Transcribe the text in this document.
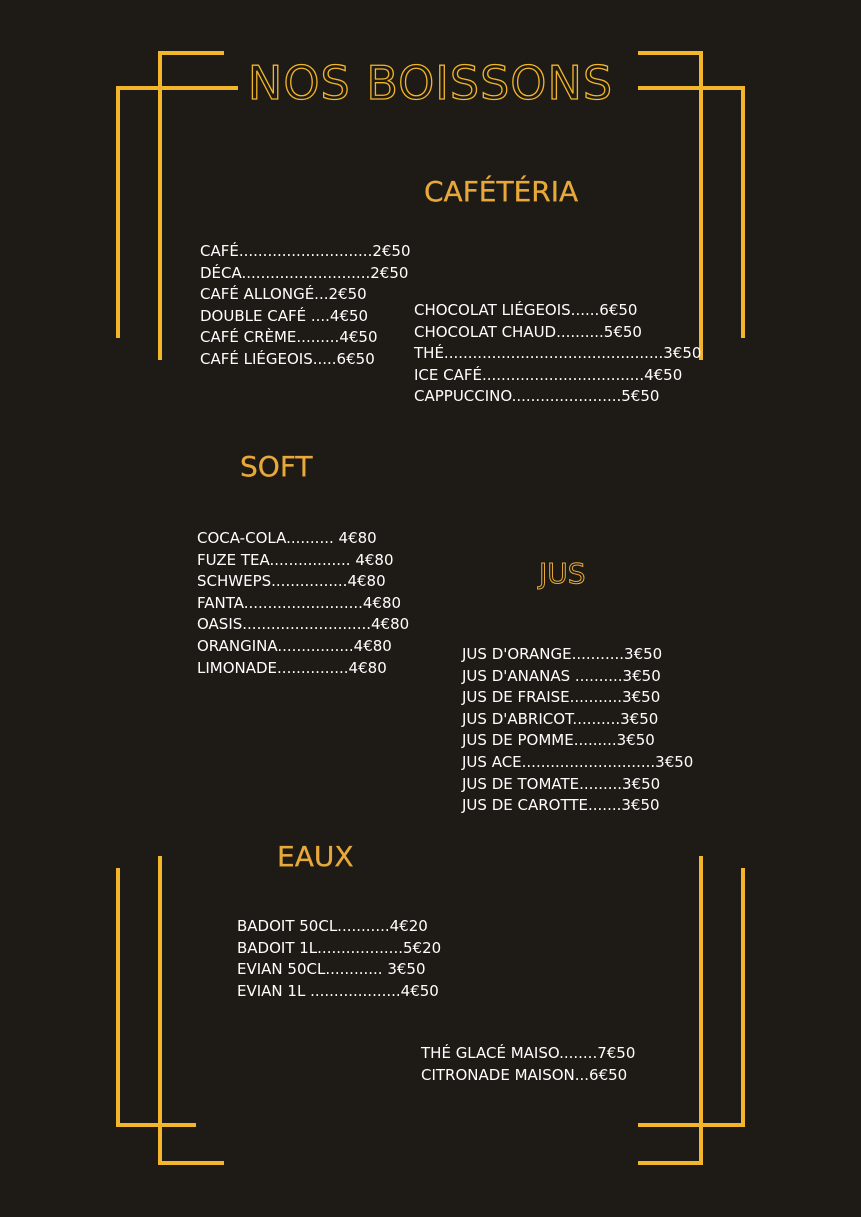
NOS BOISSONS
CAFÉTÉRIA
CAFÉ............................2€50
DÉCA...........................2€50
CAFÉ ALLONGÉ...2€50
DOUBLE CAFÉ ....4€50
CAFÉ CRÈME.........4€50
CAFÉ LIÉGEOIS.....6€50
CHOCOLAT LIÉGEOIS......6€50
CHOCOLAT CHAUD..........5€50
THÉ..............................................3€50
ICE CAFÉ..................................4€50
CAPPUCCINO.......................5€50
SOFT
COCA-COLA.......... 4€80
FUZE TEA................. 4€80
SCHWEPS................4€80
FANTA.........................4€80
OASIS...........................4€80
ORANGINA................4€80
LIMONADE...............4€80
JUS
JUS D'ORANGE...........3€50
JUS D'ANANAS ..........3€50
JUS DE FRAISE...........3€50
JUS D'ABRICOT..........3€50
JUS DE POMME.........3€50
JUS ACE............................3€50
JUS DE TOMATE.........3€50
JUS DE CAROTTE.......3€50
EAUX
BADOIT 50CL...........4€20
BADOIT 1L..................5€20
EVIAN 50CL............ 3€50
EVIAN 1L ...................4€50
THÉ GLACÉ MAISO........7€50
CITRONADE MAISON...6€50
